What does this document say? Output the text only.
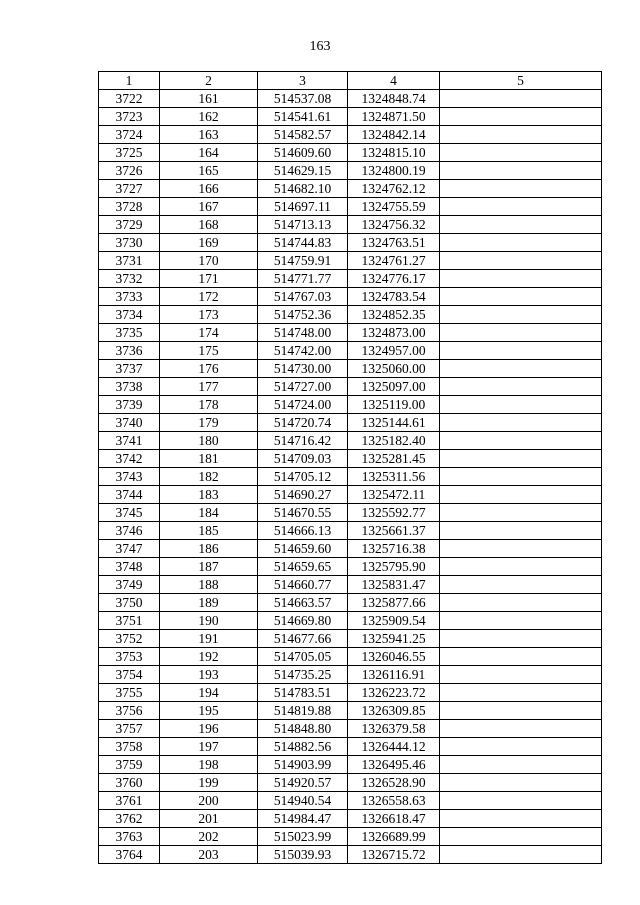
163
1	2	3	4	5
3722	161	514537.08	1324848.74	
3723	162	514541.61	1324871.50	
3724	163	514582.57	1324842.14	
3725	164	514609.60	1324815.10	
3726	165	514629.15	1324800.19	
3727	166	514682.10	1324762.12	
3728	167	514697.11	1324755.59	
3729	168	514713.13	1324756.32	
3730	169	514744.83	1324763.51	
3731	170	514759.91	1324761.27	
3732	171	514771.77	1324776.17	
3733	172	514767.03	1324783.54	
3734	173	514752.36	1324852.35	
3735	174	514748.00	1324873.00	
3736	175	514742.00	1324957.00	
3737	176	514730.00	1325060.00	
3738	177	514727.00	1325097.00	
3739	178	514724.00	1325119.00	
3740	179	514720.74	1325144.61	
3741	180	514716.42	1325182.40	
3742	181	514709.03	1325281.45	
3743	182	514705.12	1325311.56	
3744	183	514690.27	1325472.11	
3745	184	514670.55	1325592.77	
3746	185	514666.13	1325661.37	
3747	186	514659.60	1325716.38	
3748	187	514659.65	1325795.90	
3749	188	514660.77	1325831.47	
3750	189	514663.57	1325877.66	
3751	190	514669.80	1325909.54	
3752	191	514677.66	1325941.25	
3753	192	514705.05	1326046.55	
3754	193	514735.25	1326116.91	
3755	194	514783.51	1326223.72	
3756	195	514819.88	1326309.85	
3757	196	514848.80	1326379.58	
3758	197	514882.56	1326444.12	
3759	198	514903.99	1326495.46	
3760	199	514920.57	1326528.90	
3761	200	514940.54	1326558.63	
3762	201	514984.47	1326618.47	
3763	202	515023.99	1326689.99	
3764	203	515039.93	1326715.72	
